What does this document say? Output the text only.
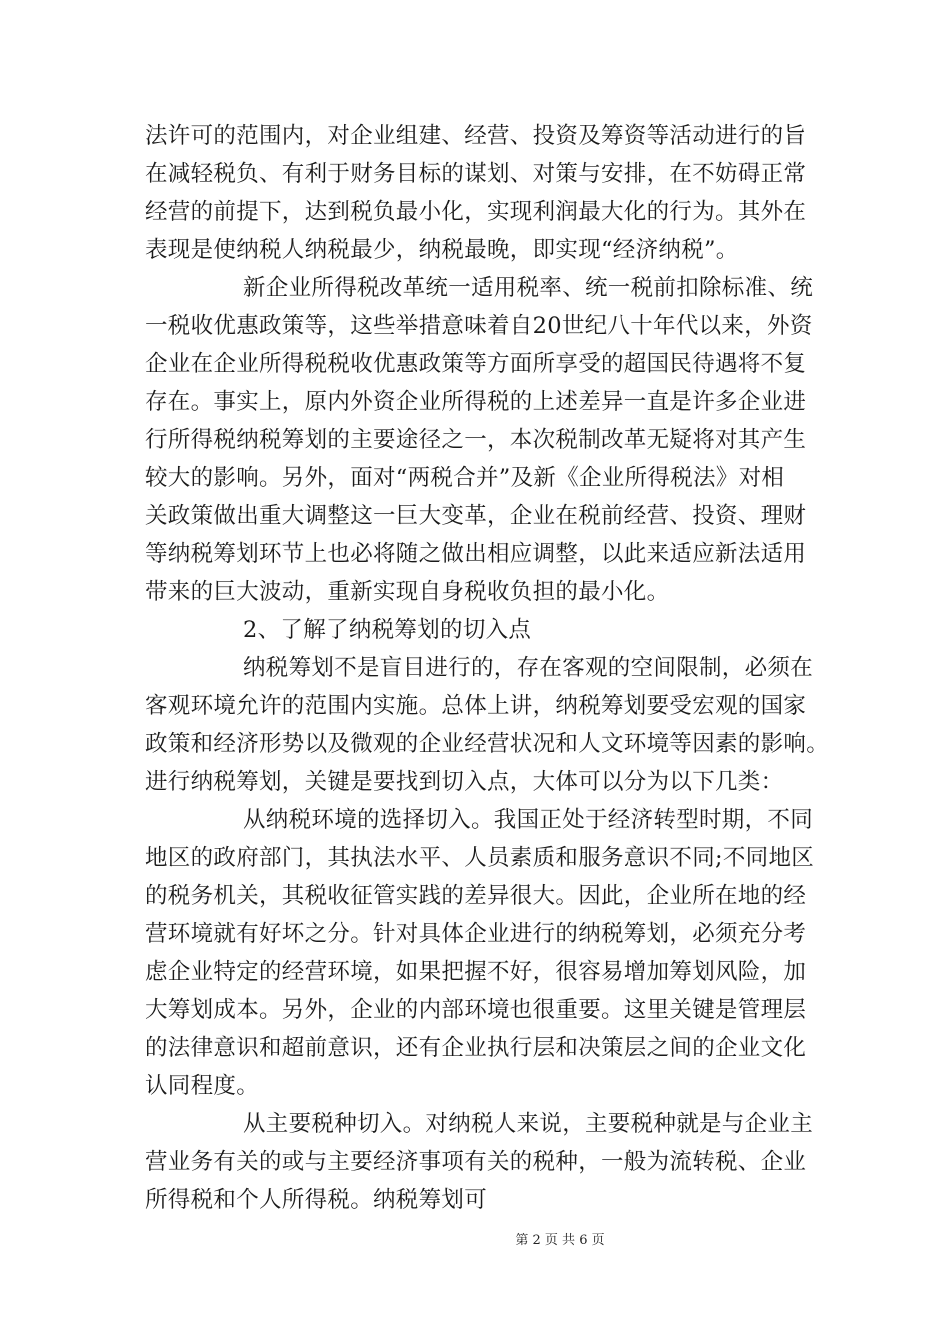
法许可的范围内，对企业组建、经营、投资及筹资等活动进行的旨
在减轻税负、有利于财务目标的谋划、对策与安排，在不妨碍正常
经营的前提下，达到税负最小化，实现利润最大化的行为。其外在
表现是使纳税人纳税最少，纳税最晚，即实现“经济纳税”。
新企业所得税改革统一适用税率、统一税前扣除标准、统
一税收优惠政策等，这些举措意味着自20世纪八十年代以来，外资
企业在企业所得税税收优惠政策等方面所享受的超国民待遇将不复
存在。事实上，原内外资企业所得税的上述差异一直是许多企业进
行所得税纳税筹划的主要途径之一，本次税制改革无疑将对其产生
较大的影响。另外，面对“两税合并”及新《企业所得税法》对相
关政策做出重大调整这一巨大变革，企业在税前经营、投资、理财
等纳税筹划环节上也必将随之做出相应调整，以此来适应新法适用
带来的巨大波动，重新实现自身税收负担的最小化。
2、了解了纳税筹划的切入点
纳税筹划不是盲目进行的，存在客观的空间限制，必须在
客观环境允许的范围内实施。总体上讲，纳税筹划要受宏观的国家
政策和经济形势以及微观的企业经营状况和人文环境等因素的影响。
进行纳税筹划，关键是要找到切入点，大体可以分为以下几类：
从纳税环境的选择切入。我国正处于经济转型时期，不同
地区的政府部门，其执法水平、人员素质和服务意识不同;不同地区
的税务机关，其税收征管实践的差异很大。因此，企业所在地的经
营环境就有好坏之分。针对具体企业进行的纳税筹划，必须充分考
虑企业特定的经营环境，如果把握不好，很容易增加筹划风险，加
大筹划成本。另外，企业的内部环境也很重要。这里关键是管理层
的法律意识和超前意识，还有企业执行层和决策层之间的企业文化
认同程度。
从主要税种切入。对纳税人来说，主要税种就是与企业主
营业务有关的或与主要经济事项有关的税种，一般为流转税、企业
所得税和个人所得税。纳税筹划可
第 2 页 共 6 页
